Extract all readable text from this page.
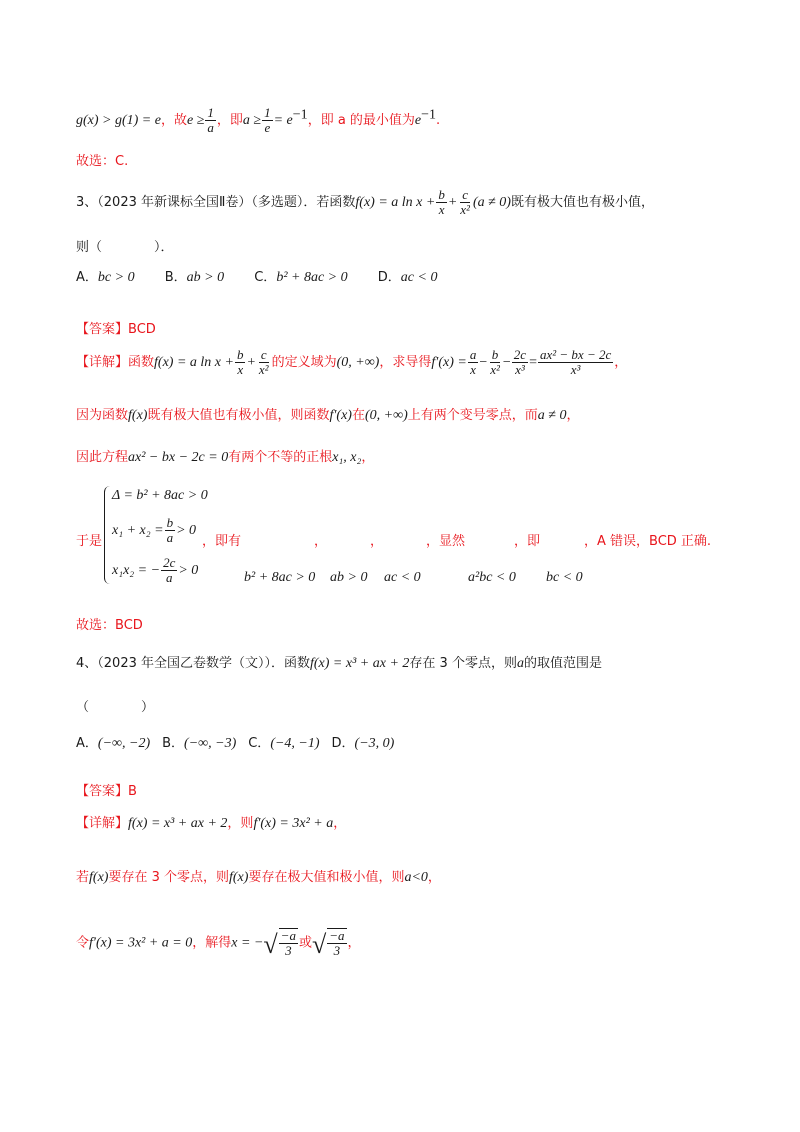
g(x) > g(1) = e，故$e \ge \frac{1}{a}$ ，即$a \ge \frac{1}{e} = e^{-1}$，即 a 的最小值为$e^{-1}$.
故选：C.
3、（2023 年新课标全国Ⅱ卷）（多选题）．若函数f(x) = a $\ln x + \frac{b}{x} + \frac{c}{\text{x²}} (a \ne 0)$既有极大值也有极小值，
则（　　　　）．
A．bc > 0 B．ab > 0 C．b² + 8ac > 0 D．ac < 0
【答案】BCD
【详解】函数f(x) = a $\ln x + \frac{b}{x} + \frac{c}{\text{x²}}$ 的定义域为(0, +∞)，求导得$f'(x) = \frac{a}{x} - \frac{b}{\text{x²}} - \frac{2c}{\text{x³}} = \frac{\text{ax² − bx − 2c}}{\text{x³}}$ ，
因为函数f(x)既有极大值也有极小值，则函数f′(x)在(0, +∞)上有两个变号零点，而a ≠ 0，
因此方程ax² − bx − 2c = 0有两个不等的正根x₁, x₂，
Δ = b² + 8ac > 0
$x_1 + x_2 = \frac{b}{a} > 0$
x₁x₂ = − $\frac{2c}{a} > 0$
于是	，即有	，	，	，显然	，即	，A 错误，BCD 正确.
b² + 8ac > 0 ab > 0 ac < 0	a²bc < 0 bc < 0
故选：BCD
4、（2023 年全国乙卷数学（文））．函数f(x) = x³ + ax + 2存在 3 个零点，则a的取值范围是
（　　　　）
A．(−∞, −2) B．(−∞, −3) C．(−4, −1) D．(−3, 0)
【答案】B
【详解】f(x) = x³ + ax + 2，则f′(x) = 3x² + a，
若f(x)要存在 3 个零点，则f(x)要存在极大值和极小值，则a<0，
令f′(x) = 3x² + a = 0，解得x = − √ $\frac{-a}{3}$ 或 √ $\frac{-a}{3}$ ，
